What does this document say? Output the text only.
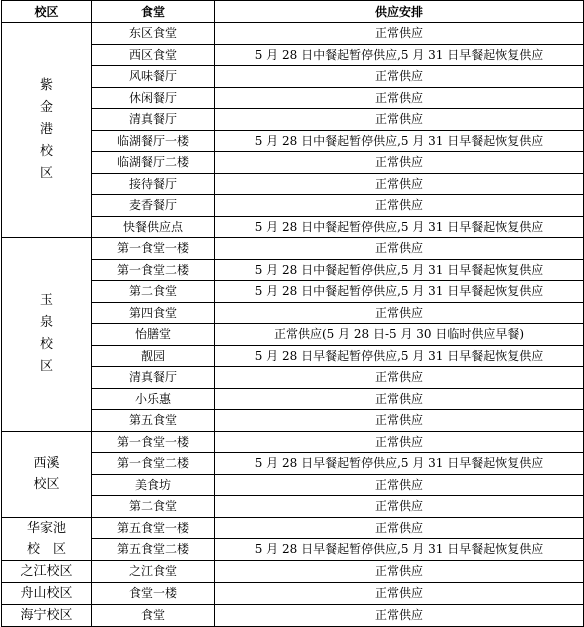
校区	食堂	供应安排

紫
金
港
校
区	东区食堂	正常供应
	西区食堂	5 月 28 日中餐起暂停供应,5 月 31 日早餐起恢复供应
	风味餐厅	正常供应
	休闲餐厅	正常供应
	清真餐厅	正常供应
	临湖餐厅一楼	5 月 28 日中餐起暂停供应,5 月 31 日早餐起恢复供应
	临湖餐厅二楼	正常供应
	接待餐厅	正常供应
	麦香餐厅	正常供应
	快餐供应点	5 月 28 日中餐起暂停供应,5 月 31 日早餐起恢复供应

玉
泉
校
区	第一食堂一楼	正常供应
	第一食堂二楼	5 月 28 日中餐起暂停供应,5 月 31 日早餐起恢复供应
	第二食堂	5 月 28 日中餐起暂停供应,5 月 31 日早餐起恢复供应
	第四食堂	正常供应
	怡膳堂	正常供应(5 月 28 日-5 月 30 日临时供应早餐)
	靓园	5 月 28 日早餐起暂停供应,5 月 31 日早餐起恢复供应
	清真餐厅	正常供应
	小乐惠	正常供应
	第五食堂	正常供应

西溪
校区	第一食堂一楼	正常供应
	第一食堂二楼	5 月 28 日早餐起暂停供应,5 月 31 日早餐起恢复供应
	美食坊	正常供应
	第二食堂	正常供应

华家池
校　区	第五食堂一楼	正常供应
	第五食堂二楼	5 月 28 日早餐起暂停供应,5 月 31 日早餐起恢复供应

之江校区	之江食堂	正常供应

舟山校区	食堂一楼	正常供应

海宁校区	食堂	正常供应
